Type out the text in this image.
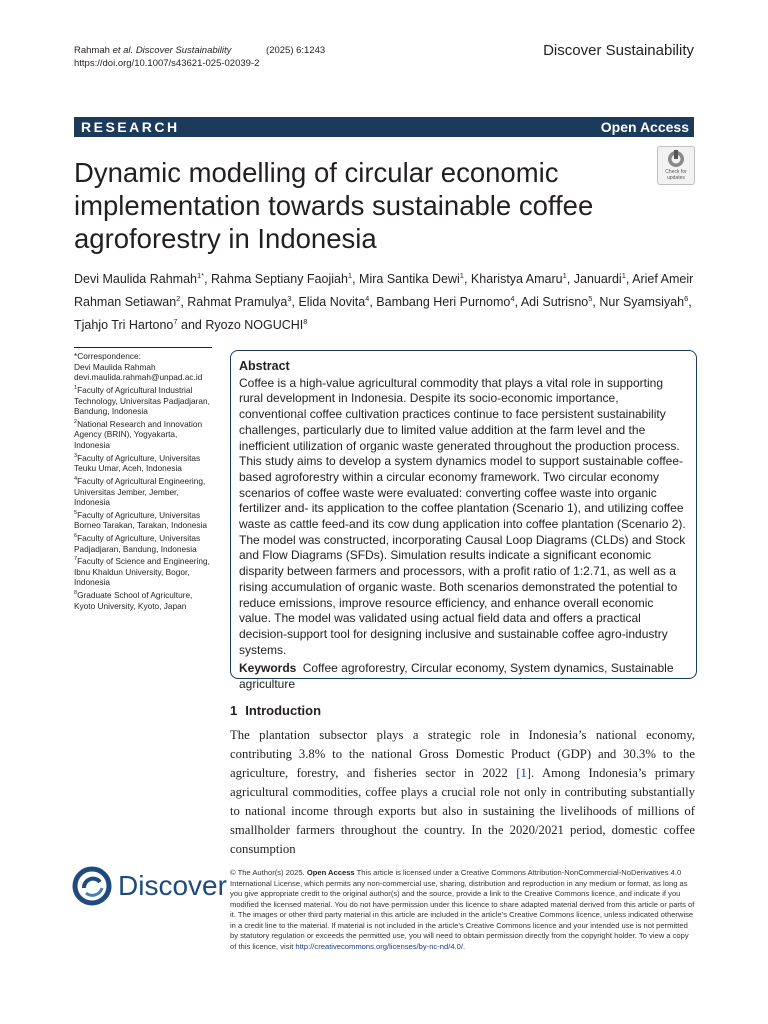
Rahmah et al. Discover Sustainability	(2025) 6:1243
https://doi.org/10.1007/s43621-025-02039-2
Discover Sustainability
RESEARCH	Open Access
Dynamic modelling of circular economic implementation towards sustainable coffee agroforestry in Indonesia
Check for
updates
Devi Maulida Rahmah$^{1*}$, Rahma Septiany Faojiah$^1$, Mira Santika Dewi$^1$, Kharistya Amaru$^1$, Januardi$^1$, Arief Ameir Rahman Setiawan$^2$, Rahmat Pramulya$^3$, Elida Novita$^4$, Bambang Heri Purnomo$^4$, Adi Sutrisno$^5$, Nur Syamsiyah$^6$, Tjahjo Tri Hartono$^7$ and Ryozo NOGUCHI$^8$
*Correspondence:
Devi Maulida Rahmah
devi.maulida.rahmah@unpad.ac.id
$^1$Faculty of Agricultural Industrial Technology, Universitas Padjadjaran, Bandung, Indonesia
$^2$National Research and Innovation Agency (BRIN), Yogyakarta, Indonesia
$^3$Faculty of Agriculture, Universitas Teuku Umar, Aceh, Indonesia
$^4$Faculty of Agricultural Engineering, Universitas Jember, Jember, Indonesia
$^5$Faculty of Agriculture, Universitas Borneo Tarakan, Tarakan, Indonesia
$^6$Faculty of Agriculture, Universitas Padjadjaran, Bandung, Indonesia
$^7$Faculty of Science and Engineering, Ibnu Khaldun University, Bogor, Indonesia
$^8$Graduate School of Agriculture, Kyoto University, Kyoto, Japan
Abstract
Coffee is a high-value agricultural commodity that plays a vital role in supporting rural development in Indonesia. Despite its socio-economic importance, conventional coffee cultivation practices continue to face persistent sustainability challenges, particularly due to limited value addition at the farm level and the inefficient utilization of organic waste generated throughout the production process. This study aims to develop a system dynamics model to support sustainable coffee-based agroforestry within a circular economy framework. Two circular economy scenarios of coffee waste were evaluated: converting coffee waste into organic fertilizer and- its application to the coffee plantation (Scenario 1), and utilizing coffee waste as cattle feed-and its cow dung application into coffee plantation (Scenario 2). The model was constructed, incorporating Causal Loop Diagrams (CLDs) and Stock and Flow Diagrams (SFDs). Simulation results indicate a significant economic disparity between farmers and processors, with a profit ratio of 1:2.71, as well as a rising accumulation of organic waste. Both scenarios demonstrated the potential to reduce emissions, improve resource efficiency, and enhance overall economic value. The model was validated using actual field data and offers a practical decision-support tool for designing inclusive and sustainable coffee agro-industry systems.
Keywords Coffee agroforestry, Circular economy, System dynamics, Sustainable agriculture
1 Introduction
The plantation subsector plays a strategic role in Indonesia’s national economy, contributing 3.8% to the national Gross Domestic Product (GDP) and 30.3% to the agriculture, forestry, and fisheries sector in 2022 [1]. Among Indonesia’s primary agricultural commodities, coffee plays a crucial role not only in contributing substantially to national income through exports but also in sustaining the livelihoods of millions of smallholder farmers throughout the country. In the 2020/2021 period, domestic coffee consumption
Discover © The Author(s) 2025. Open Access This article is licensed under a Creative Commons Attribution-NonCommercial-NoDerivatives 4.0 International License, which permits any non-commercial use, sharing, distribution and reproduction in any medium or format, as long as you give appropriate credit to the original author(s) and the source, provide a link to the Creative Commons licence, and indicate if you modified the licensed material. You do not have permission under this licence to share adapted material derived from this article or parts of it. The images or other third party material in this article are included in the article’s Creative Commons licence, unless indicated otherwise in a credit line to the material. If material is not included in the article’s Creative Commons licence and your intended use is not permitted by statutory regulation or exceeds the permitted use, you will need to obtain permission directly from the copyright holder. To view a copy of this licence, visit http://creativecommons.org/licenses/by-nc-nd/4.0/.
